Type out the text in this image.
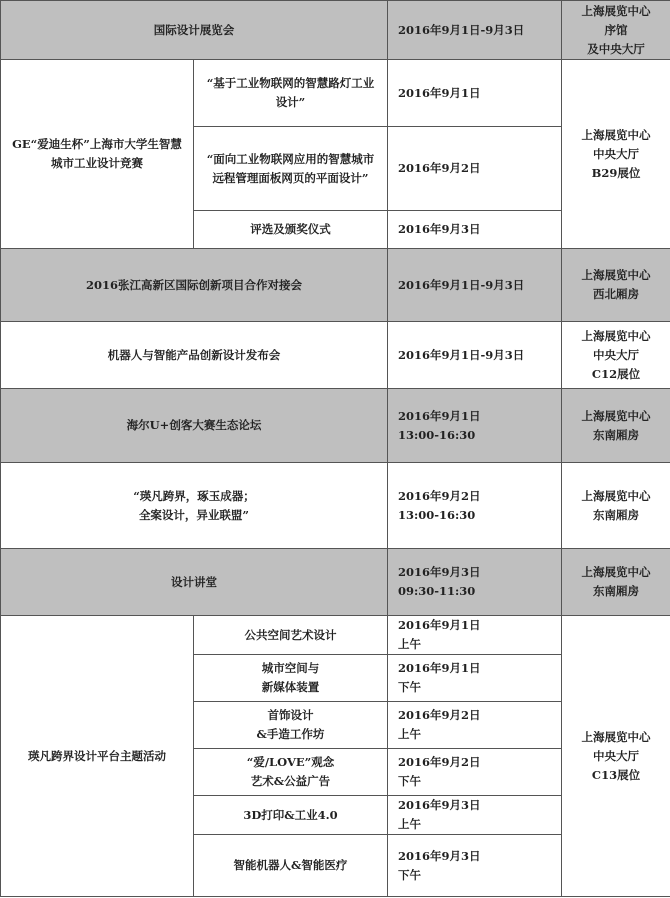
国际设计展览会		2016年9月1日-9月3日	上海展览中心
序馆
及中央大厅

GE“爱迪生杯”上海市大学生智慧城市工业设计竞赛	“基于工业物联网的智慧路灯工业设计”	2016年9月1日	上海展览中心
中央大厅
B29展位

	“面向工业物联网应用的智慧城市远程管理面板网页的平面设计”	2016年9月2日	
	评选及颁奖仪式	2016年9月3日	
2016张江高新区国际创新项目合作对接会		2016年9月1日-9月3日	上海展览中心
西北厢房

机器人与智能产品创新设计发布会		2016年9月1日-9月3日	上海展览中心
中央大厅
C12展位

海尔U+创客大赛生态论坛		2016年9月1日
13:00-16:30	上海展览中心
东南厢房

“瑛凡跨界，琢玉成器；
全案设计，异业联盟”		2016年9月2日
13:00-16:30	上海展览中心
东南厢房

设计讲堂		2016年9月3日
09:30-11:30	上海展览中心
东南厢房

瑛凡跨界设计平台主题活动	公共空间艺术设计	2016年9月1日
上午	上海展览中心
中央大厅
C13展位

	城市空间与
新媒体装置	2016年9月1日
下午	

	首饰设计
&手造工作坊	2016年9月2日
上午	

	“爱/LOVE”观念
艺术&公益广告	2016年9月2日
下午	

	3D打印&工业4.0	2016年9月3日
上午	

	智能机器人&智能医疗	2016年9月3日
下午	
